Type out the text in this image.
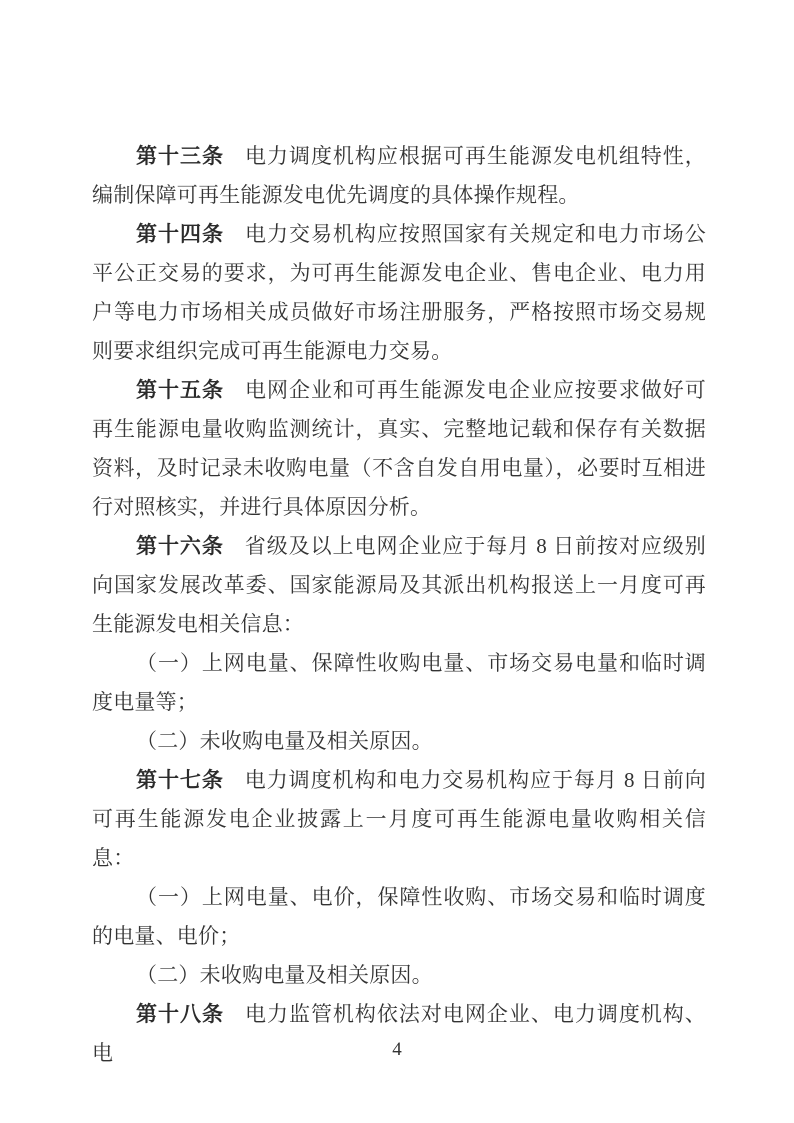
第十三条 电力调度机构应根据可再生能源发电机组特性，编制保障可再生能源发电优先调度的具体操作规程。

第十四条 电力交易机构应按照国家有关规定和电力市场公平公正交易的要求，为可再生能源发电企业、售电企业、电力用户等电力市场相关成员做好市场注册服务，严格按照市场交易规则要求组织完成可再生能源电力交易。

第十五条 电网企业和可再生能源发电企业应按要求做好可再生能源电量收购监测统计，真实、完整地记载和保存有关数据资料，及时记录未收购电量（不含自发自用电量），必要时互相进行对照核实，并进行具体原因分析。

第十六条 省级及以上电网企业应于每月 8 日前按对应级别向国家发展改革委、国家能源局及其派出机构报送上一月度可再生能源发电相关信息：

（一）上网电量、保障性收购电量、市场交易电量和临时调度电量等；

（二）未收购电量及相关原因。

第十七条 电力调度机构和电力交易机构应于每月 8 日前向可再生能源发电企业披露上一月度可再生能源电量收购相关信息：

（一）上网电量、电价，保障性收购、市场交易和临时调度的电量、电价；

（二）未收购电量及相关原因。

第十八条 电力监管机构依法对电网企业、电力调度机构、电	4
